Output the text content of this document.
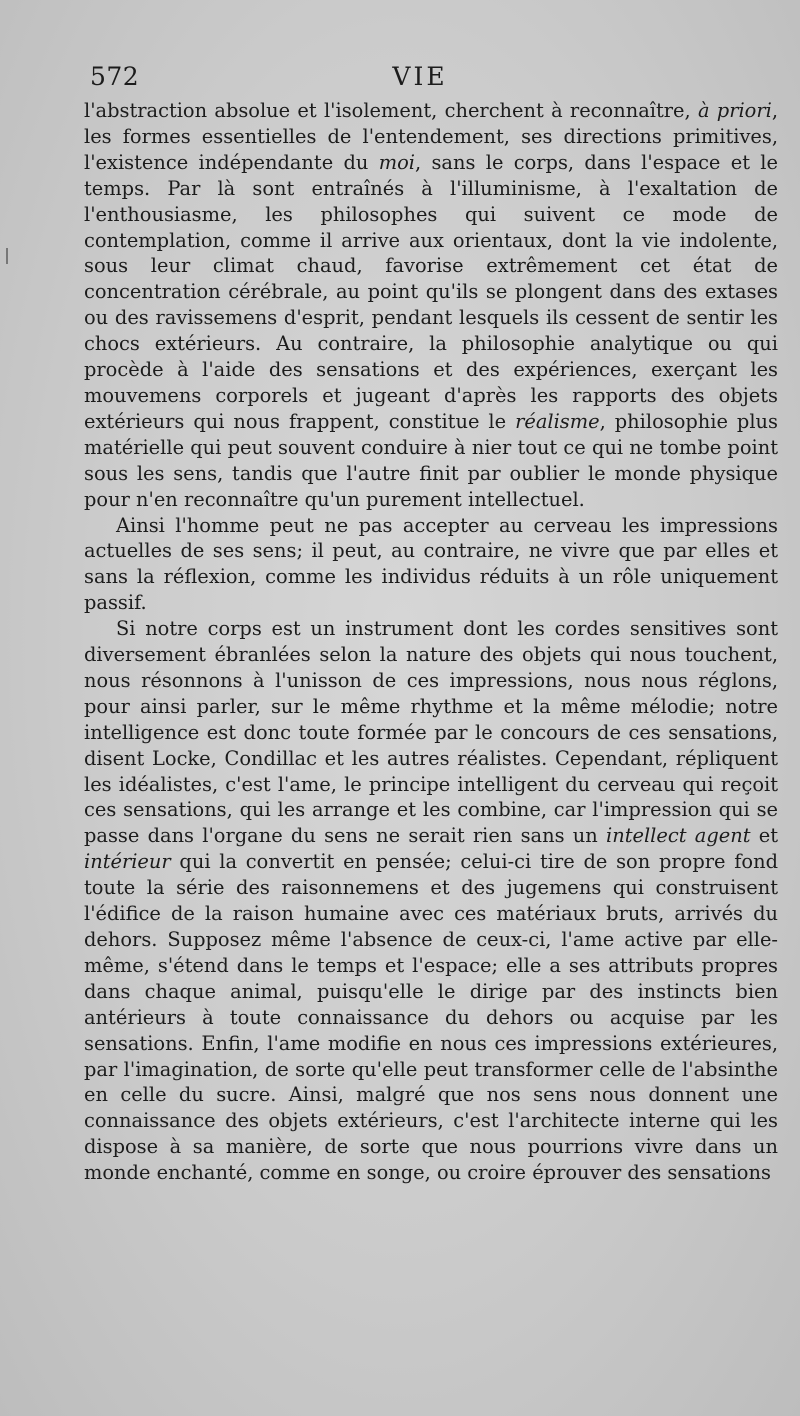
572	VIE

l'abstraction absolue et l'isolement, cherchent à reconnaître, à priori, les formes essentielles de l'entendement, ses directions primitives, l'existence indépendante du moi, sans le corps, dans l'espace et le temps. Par là sont entraînés à l'illuminisme, à l'exaltation de l'enthousiasme, les philosophes qui suivent ce mode de contemplation, comme il arrive aux orientaux, dont la vie indolente, sous leur climat chaud, favorise extrêmement cet état de concentration cérébrale, au point qu'ils se plongent dans des extases ou des ravissemens d'esprit, pendant lesquels ils cessent de sentir les chocs extérieurs. Au contraire, la philosophie analytique ou qui procède à l'aide des sensations et des expériences, exerçant les mouvemens corporels et jugeant d'après les rapports des objets extérieurs qui nous frappent, constitue le réalisme, philosophie plus matérielle qui peut souvent conduire à nier tout ce qui ne tombe point sous les sens, tandis que l'autre finit par oublier le monde physique pour n'en reconnaître qu'un purement intellectuel.

Ainsi l'homme peut ne pas accepter au cerveau les impressions actuelles de ses sens; il peut, au contraire, ne vivre que par elles et sans la réflexion, comme les individus réduits à un rôle uniquement passif.

Si notre corps est un instrument dont les cordes sensitives sont diversement ébranlées selon la nature des objets qui nous touchent, nous résonnons à l'unisson de ces impressions, nous nous réglons, pour ainsi parler, sur le même rhythme et la même mélodie; notre intelligence est donc toute formée par le concours de ces sensations, disent Locke, Condillac et les autres réalistes. Cependant, répliquent les idéalistes, c'est l'ame, le principe intelligent du cerveau qui reçoit ces sensations, qui les arrange et les combine, car l'impression qui se passe dans l'organe du sens ne serait rien sans un intellect agent et intérieur qui la convertit en pensée; celui-ci tire de son propre fond toute la série des raisonnemens et des jugemens qui construisent l'édifice de la raison humaine avec ces matériaux bruts, arrivés du dehors. Supposez même l'absence de ceux-ci, l'ame active par elle-même, s'étend dans le temps et l'espace; elle a ses attributs propres dans chaque animal, puisqu'elle le dirige par des instincts bien antérieurs à toute connaissance du dehors ou acquise par les sensations. Enfin, l'ame modifie en nous ces impressions extérieures, par l'imagination, de sorte qu'elle peut transformer celle de l'absinthe en celle du sucre. Ainsi, malgré que nos sens nous donnent une connaissance des objets extérieurs, c'est l'architecte interne qui les dispose à sa manière, de sorte que nous pourrions vivre dans un monde enchanté, comme en songe, ou croire éprouver des sensations
